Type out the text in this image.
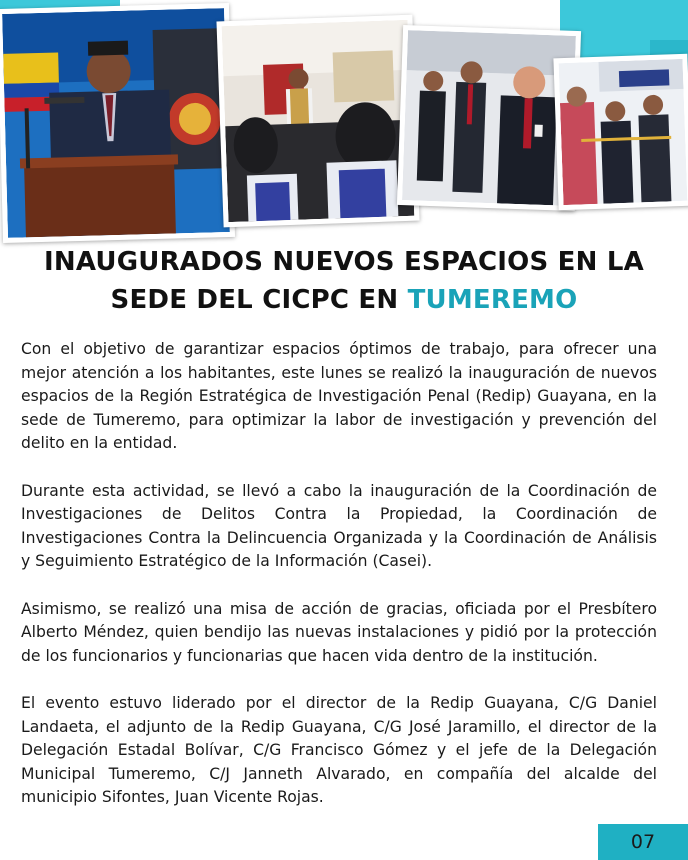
INAUGURADOS NUEVOS ESPACIOS EN LA
SEDE DEL CICPC EN TUMEREMO

Con el objetivo de garantizar espacios óptimos de trabajo, para ofrecer una mejor atención a los habitantes, este lunes se realizó la inauguración de nuevos espacios de la Región Estratégica de Investigación Penal (Redip) Guayana, en la sede de Tumeremo, para optimizar la labor de investigación y prevención del delito en la entidad.

Durante esta actividad, se llevó a cabo la inauguración de la Coordinación de Investigaciones de Delitos Contra la Propiedad, la Coordinación de Investigaciones Contra la Delincuencia Organizada y la Coordinación de Análisis y Seguimiento Estratégico de la Información (Casei).

Asimismo, se realizó una misa de acción de gracias, oficiada por el Presbítero Alberto Méndez, quien bendijo las nuevas instalaciones y pidió por la protección de los funcionarios y funcionarias que hacen vida dentro de la institución.

El evento estuvo liderado por el director de la Redip Guayana, C/G Daniel Landaeta, el adjunto de la Redip Guayana, C/G José Jaramillo, el director de la Delegación Estadal Bolívar, C/G Francisco Gómez y el jefe de la Delegación Municipal Tumeremo, C/J Janneth Alvarado, en compañía del alcalde del municipio Sifontes, Juan Vicente Rojas.

07
